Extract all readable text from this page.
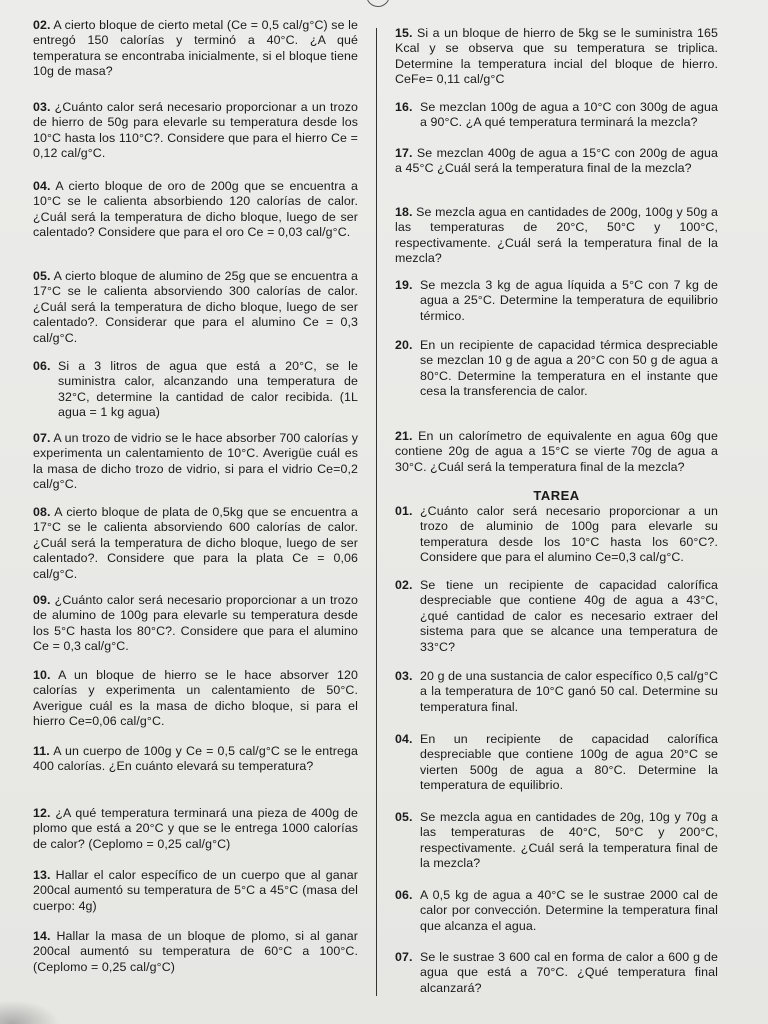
02. A cierto bloque de cierto metal (Ce = 0,5 cal/g°C) se le entregó 150 calorías y terminó a 40°C. ¿A qué temperatura se encontraba inicialmente, si el bloque tiene 10g de masa?

03. ¿Cuánto calor será necesario proporcionar a un trozo de hierro de 50g para elevarle su temperatura desde los 10°C hasta los 110°C?. Considere que para el hierro Ce = 0,12 cal/g°C.

04. A cierto bloque de oro de 200g que se encuentra a 10°C se le calienta absorbiendo 120 calorías de calor. ¿Cuál será la temperatura de dicho bloque, luego de ser calentado? Considere que para el oro Ce = 0,03 cal/g°C.

05. A cierto bloque de alumino de 25g que se encuentra a 17°C se le calienta absorviendo 300 calorías de calor. ¿Cuál será la temperatura de dicho bloque, luego de ser calentado?. Considerar que para el alumino Ce = 0,3 cal/g°C.

06. Si a 3 litros de agua que está a 20°C, se le suministra calor, alcanzando una temperatura de 32°C, determine la cantidad de calor recibida. (1L agua = 1 kg agua)

07. A un trozo de vidrio se le hace absorber 700 calorías y experimenta un calentamiento de 10°C. Averigüe cuál es la masa de dicho trozo de vidrio, si para el vidrio Ce=0,2 cal/g°C.

08. A cierto bloque de plata de 0,5kg que se encuentra a 17°C se le calienta absorviendo 600 calorías de calor. ¿Cuál será la temperatura de dicho bloque, luego de ser calentado?. Considere que para la plata Ce = 0,06 cal/g°C.

09. ¿Cuánto calor será necesario proporcionar a un trozo de alumino de 100g para elevarle su temperatura desde los 5°C hasta los 80°C?. Considere que para el alumino Ce = 0,3 cal/g°C.

10. A un bloque de hierro se le hace absorver 120 calorías y experimenta un calentamiento de 50°C. Averigue cuál es la masa de dicho bloque, si para el hierro Ce=0,06 cal/g°C.

11. A un cuerpo de 100g y Ce = 0,5 cal/g°C se le entrega 400 calorías. ¿En cuánto elevará su temperatura?

12. ¿A qué temperatura terminará una pieza de 400g de plomo que está a 20°C y que se le entrega 1000 calorías de calor? (Ceplomo = 0,25 cal/g°C)

13. Hallar el calor específico de un cuerpo que al ganar 200cal aumentó su temperatura de 5°C a 45°C (masa del cuerpo: 4g)

14. Hallar la masa de un bloque de plomo, si al ganar 200cal aumentó su temperatura de 60°C a 100°C. (Ceplomo = 0,25 cal/g°C)

15. Si a un bloque de hierro de 5kg se le suministra 165 Kcal y se observa que su temperatura se triplica. Determine la temperatura incial del bloque de hierro. CeFe= 0,11 cal/g°C

16. Se mezclan 100g de agua a 10°C con 300g de agua a 90°C. ¿A qué temperatura terminará la mezcla?

17. Se mezclan 400g de agua a 15°C con 200g de agua a 45°C ¿Cuál será la temperatura final de la mezcla?

18. Se mezcla agua en cantidades de 200g, 100g y 50g a las temperaturas de 20°C, 50°C y 100°C, respectivamente. ¿Cuál será la temperatura final de la mezcla?

19. Se mezcla 3 kg de agua líquida a 5°C con 7 kg de agua a 25°C. Determine la temperatura de equilibrio térmico.

20. En un recipiente de capacidad térmica despreciable se mezclan 10 g de agua a 20°C con 50 g de agua a 80°C. Determine la temperatura en el instante que cesa la transferencia de calor.

21. En un calorímetro de equivalente en agua 60g que contiene 20g de agua a 15°C se vierte 70g de agua a 30°C. ¿Cuál será la temperatura final de la mezcla?

TAREA

01. ¿Cuánto calor será necesario proporcionar a un trozo de aluminio de 100g para elevarle su temperatura desde los 10°C hasta los 60°C?. Considere que para el alumino Ce=0,3 cal/g°C.

02. Se tiene un recipiente de capacidad calorífica despreciable que contiene 40g de agua a 43°C, ¿qué cantidad de calor es necesario extraer del sistema para que se alcance una temperatura de 33°C?

03. 20 g de una sustancia de calor específico 0,5 cal/g°C a la temperatura de 10°C ganó 50 cal. Determine su temperatura final.

04. En un recipiente de capacidad calorífica despreciable que contiene 100g de agua 20°C se vierten 500g de agua a 80°C. Determine la temperatura de equilibrio.

05. Se mezcla agua en cantidades de 20g, 10g y 70g a las temperaturas de 40°C, 50°C y 200°C, respectivamente. ¿Cuál será la temperatura final de la mezcla?

06. A 0,5 kg de agua a 40°C se le sustrae 2000 cal de calor por convección. Determine la temperatura final que alcanza el agua.

07. Se le sustrae 3 600 cal en forma de calor a 600 g de agua que está a 70°C. ¿Qué temperatura final alcanzará?
